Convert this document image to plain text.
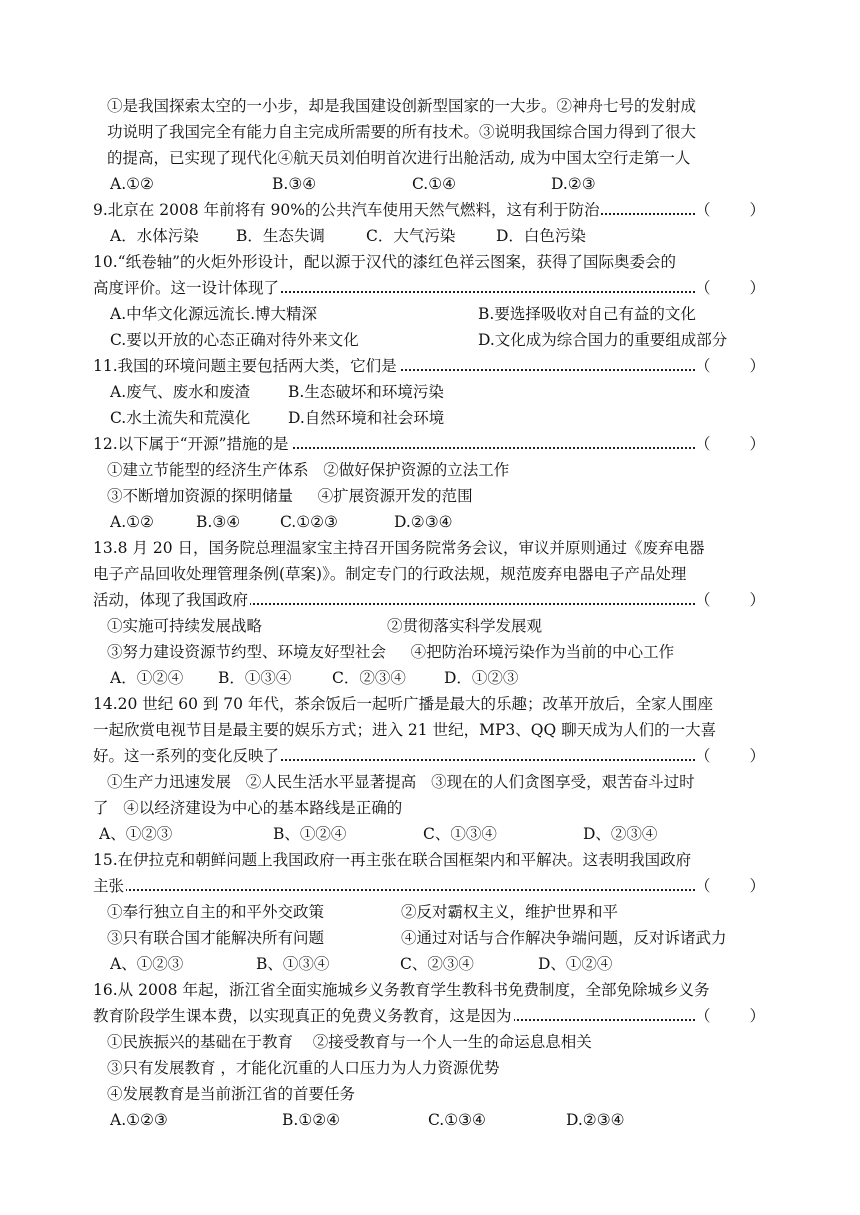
①是我国探索太空的一小步，却是我国建设创新型国家的一大步。②神舟七号的发射成
功说明了我国完全有能力自主完成所需要的所有技术。③说明我国综合国力得到了很大
的提高，已实现了现代化④航天员刘伯明首次进行出舱活动, 成为中国太空行走第一人
A.①②	B.③④	C.①④	D.②③
9.北京在 2008 年前将有 90%的公共汽车使用天然气燃料，这有利于防治	（	）
A．水体污染 B．生态失调	C．大气污染	D．白色污染
10.“纸卷轴”的火炬外形设计，配以源于汉代的漆红色祥云图案，获得了国际奥委会的
高度评价。这一设计体现了	（	）
A.中华文化源远流长.博大精深	B.要选择吸收对自己有益的文化
C.要以开放的心态正确对待外来文化	D.文化成为综合国力的重要组成部分
11.我国的环境问题主要包括两大类，它们是	（	）
A.废气、废水和废渣 B.生态破坏和环境污染
C.水土流失和荒漠化 D.自然环境和社会环境
12.以下属于“开源”措施的是	（	）
①建立节能型的经济生产体系   ②做好保护资源的立法工作
③不断增加资源的探明储量     ④扩展资源开发的范围
A.①②	B.③④	C.①②③	D.②③④
13.8 月 20 日，国务院总理温家宝主持召开国务院常务会议，审议并原则通过《废弃电器
电子产品回收处理管理条例(草案)》。制定专门的行政法规，规范废弃电器电子产品处理
活动，体现了我国政府	（	）
①实施可持续发展战略	②贯彻落实科学发展观
③努力建设资源节约型、环境友好型社会     ④把防治环境污染作为当前的中心工作
A．①②④ B．①③④	C．②③④ D．①②③
14.20 世纪 60 到 70 年代，茶余饭后一起听广播是最大的乐趣；改革开放后，全家人围座
一起欣赏电视节目是最主要的娱乐方式；进入 21 世纪，MP3、QQ 聊天成为人们的一大喜
好。这一系列的变化反映了	（	）
①生产力迅速发展   ②人民生活水平显著提高   ③现在的人们贪图享受，艰苦奋斗过时
了   ④以经济建设为中心的基本路线是正确的
A、①②③	B、①②④	C、①③④	D、②③④
15.在伊拉克和朝鲜问题上我国政府一再主张在联合国框架内和平解决。这表明我国政府
主张	（	）
①奉行独立自主的和平外交政策	②反对霸权主义，维护世界和平
③只有联合国才能解决所有问题	④通过对话与合作解决争端问题，反对诉诸武力
A、①②③	B、①③④	C、②③④	D、①②④
16.从 2008 年起，浙江省全面实施城乡义务教育学生教科书免费制度，全部免除城乡义务
教育阶段学生课本费，以实现真正的免费义务教育，这是因为	（	）
①民族振兴的基础在于教育    ②接受教育与一个人一生的命运息息相关
③只有发展教育 ，才能化沉重的人口压力为人力资源优势
④发展教育是当前浙江省的首要任务
A.①②③	B.①②④	C.①③④	D.②③④
